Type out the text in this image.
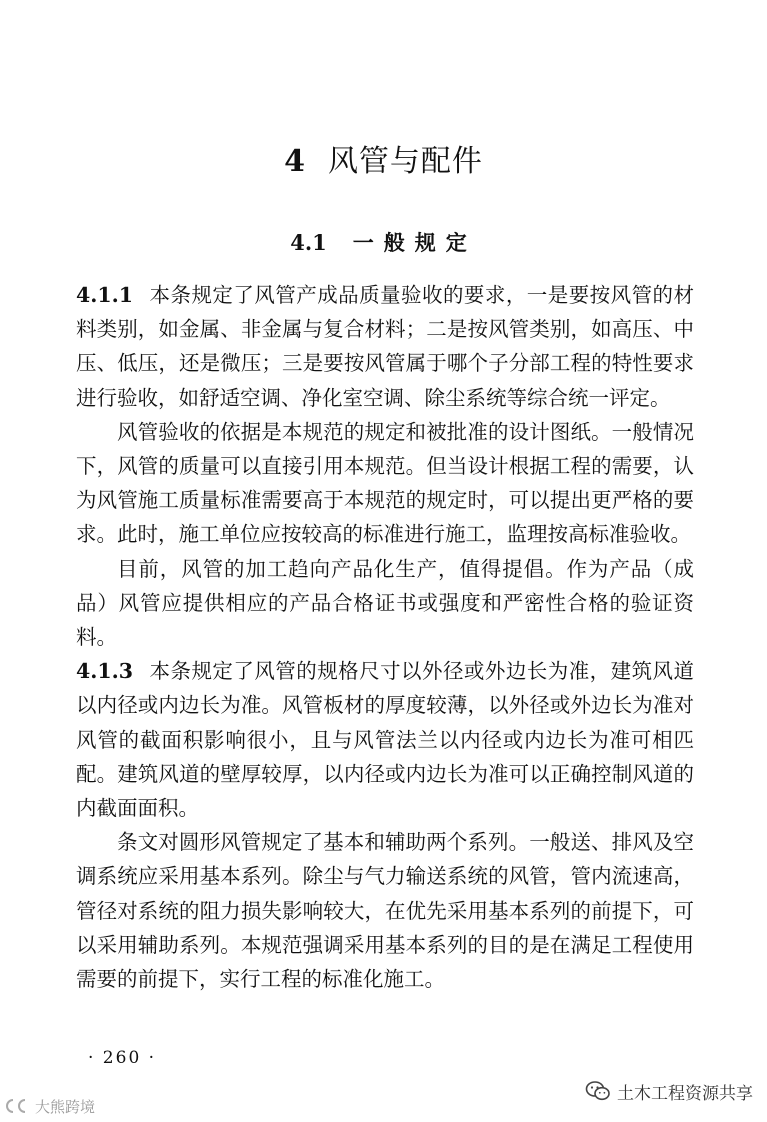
4 风管与配件
4.1 一般规定

4.1.1 本条规定了风管产成品质量验收的要求，一是要按风管的材料类别，如金属、非金属与复合材料；二是按风管类别，如高压、中压、低压，还是微压；三是要按风管属于哪个子分部工程的特性要求进行验收，如舒适空调、净化室空调、除尘系统等综合统一评定。

风管验收的依据是本规范的规定和被批准的设计图纸。一般情况下，风管的质量可以直接引用本规范。但当设计根据工程的需要，认为风管施工质量标准需要高于本规范的规定时，可以提出更严格的要求。此时，施工单位应按较高的标准进行施工，监理按高标准验收。

目前，风管的加工趋向产品化生产，值得提倡。作为产品（成品）风管应提供相应的产品合格证书或强度和严密性合格的验证资料。

4.1.3 本条规定了风管的规格尺寸以外径或外边长为准，建筑风道以内径或内边长为准。风管板材的厚度较薄，以外径或外边长为准对风管的截面积影响很小，且与风管法兰以内径或内边长为准可相匹配。建筑风道的壁厚较厚，以内径或内边长为准可以正确控制风道的内截面面积。

条文对圆形风管规定了基本和辅助两个系列。一般送、排风及空调系统应采用基本系列。除尘与气力输送系统的风管，管内流速高，管径对系统的阻力损失影响较大，在优先采用基本系列的前提下，可以采用辅助系列。本规范强调采用基本系列的目的是在满足工程使用需要的前提下，实行工程的标准化施工。

· 260 ·
土木工程资源共享
大熊跨境
